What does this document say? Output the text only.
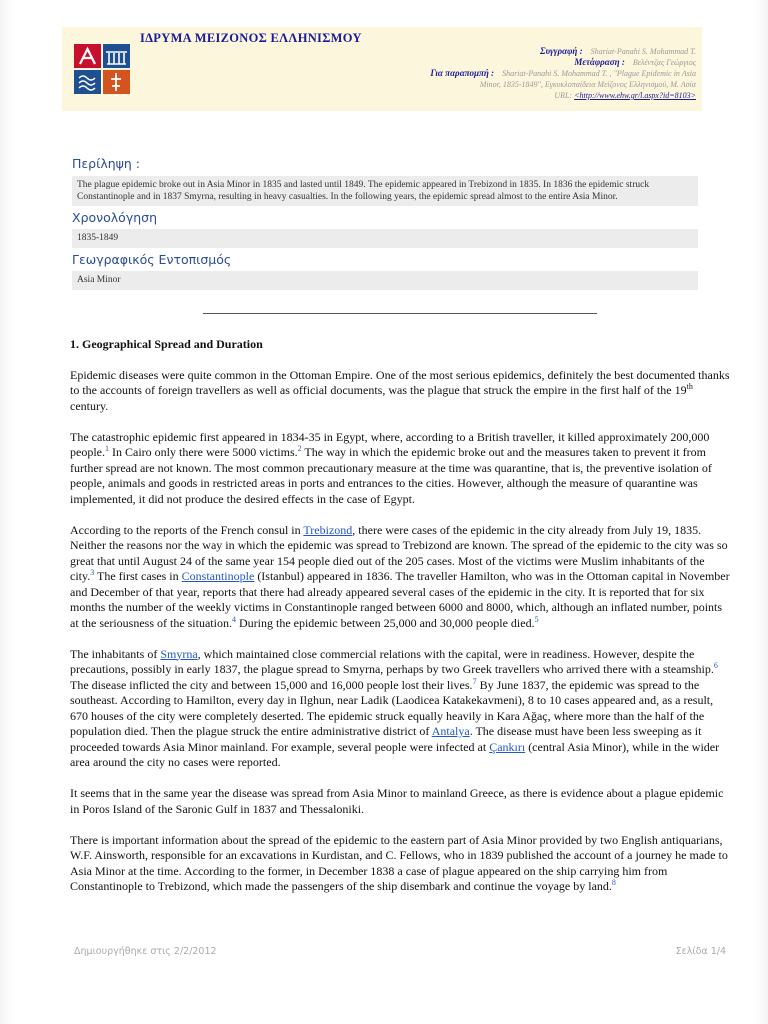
ΙΔΡΥΜΑ ΜΕΙΖΟΝΟΣ ΕΛΛΗΝΙΣΜΟΥ
Συγγραφή : Shariat-Panahi S. Mohammad T.
Μετάφραση : Βελέντζας Γεώργιος
Για παραπομπή : Shariat-Panahi S. Mohammad T. , "Plague Epidemic in Asia
Minor, 1835-1849", Εγκυκλοπαίδεια Μείζονος Ελληνισμού, Μ. Ασία
URL: <http://www.ehw.gr/l.aspx?id=8103>
Περίληψη :
The plague epidemic broke out in Asia Minor in 1835 and lasted until 1849. The epidemic appeared in Trebizond in 1835. In 1836 the epidemic struck Constantinople and in 1837 Smyrna, resulting in heavy casualties. In the following years, the epidemic spread almost to the entire Asia Minor.
Χρονολόγηση
1835-1849
Γεωγραφικός Εντοπισμός
Asia Minor
1. Geographical Spread and Duration

Epidemic diseases were quite common in the Ottoman Empire. One of the most serious epidemics, definitely the best documented thanks to the accounts of foreign travellers as well as official documents, was the plague that struck the empire in the first half of the 19th century.

The catastrophic epidemic first appeared in 1834-35 in Egypt, where, according to a British traveller, it killed approximately 200,000 people.$^1$ In Cairo only there were 5000 victims.$^2$ The way in which the epidemic broke out and the measures taken to prevent it from further spread are not known. The most common precautionary measure at the time was quarantine, that is, the preventive isolation of people, animals and goods in restricted areas in ports and entrances to the cities. However, although the measure of quarantine was implemented, it did not produce the desired effects in the case of Egypt.

According to the reports of the French consul in Trebizond, there were cases of the epidemic in the city already from July 19, 1835. Neither the reasons nor the way in which the epidemic was spread to Trebizond are known. The spread of the epidemic to the city was so great that until August 24 of the same year 154 people died out of the 205 cases. Most of the victims were Muslim inhabitants of the city.$^3$ The first cases in Constantinople (Istanbul) appeared in 1836. The traveller Hamilton, who was in the Ottoman capital in November and December of that year, reports that there had already appeared several cases of the epidemic in the city. It is reported that for six months the number of the weekly victims in Constantinople ranged between 6000 and 8000, which, although an inflated number, points at the seriousness of the situation.$^4$ During the epidemic between 25,000 and 30,000 people died.$^5$

The inhabitants of Smyrna, which maintained close commercial relations with the capital, were in readiness. However, despite the precautions, possibly in early 1837, the plague spread to Smyrna, perhaps by two Greek travellers who arrived there with a steamship.$^6$ The disease inflicted the city and between 15,000 and 16,000 people lost their lives.$^7$ By June 1837, the epidemic was spread to the southeast. According to Hamilton, every day in Ilghun, near Ladik (Laodicea Katakekavmeni), 8 to 10 cases appeared and, as a result, 670 houses of the city were completely deserted. The epidemic struck equally heavily in Kara Ağaç, where more than the half of the population died. Then the plague struck the entire administrative district of Antalya. The disease must have been less sweeping as it proceeded towards Asia Minor mainland. For example, several people were infected at Çankırı (central Asia Minor), while in the wider area around the city no cases were reported.

It seems that in the same year the disease was spread from Asia Minor to mainland Greece, as there is evidence about a plague epidemic in Poros Island of the Saronic Gulf in 1837 and Thessaloniki.

There is important information about the spread of the epidemic to the eastern part of Asia Minor provided by two English antiquarians, W.F. Ainsworth, responsible for an excavations in Kurdistan, and C. Fellows, who in 1839 published the account of a journey he made to Asia Minor at the time. According to the former, in December 1838 a case of plague appeared on the ship carrying him from Constantinople to Trebizond, which made the passengers of the ship disembark and continue the voyage by land.$^8$

Δημιουργήθηκε στις 2/2/2012	Σελίδα 1/4
